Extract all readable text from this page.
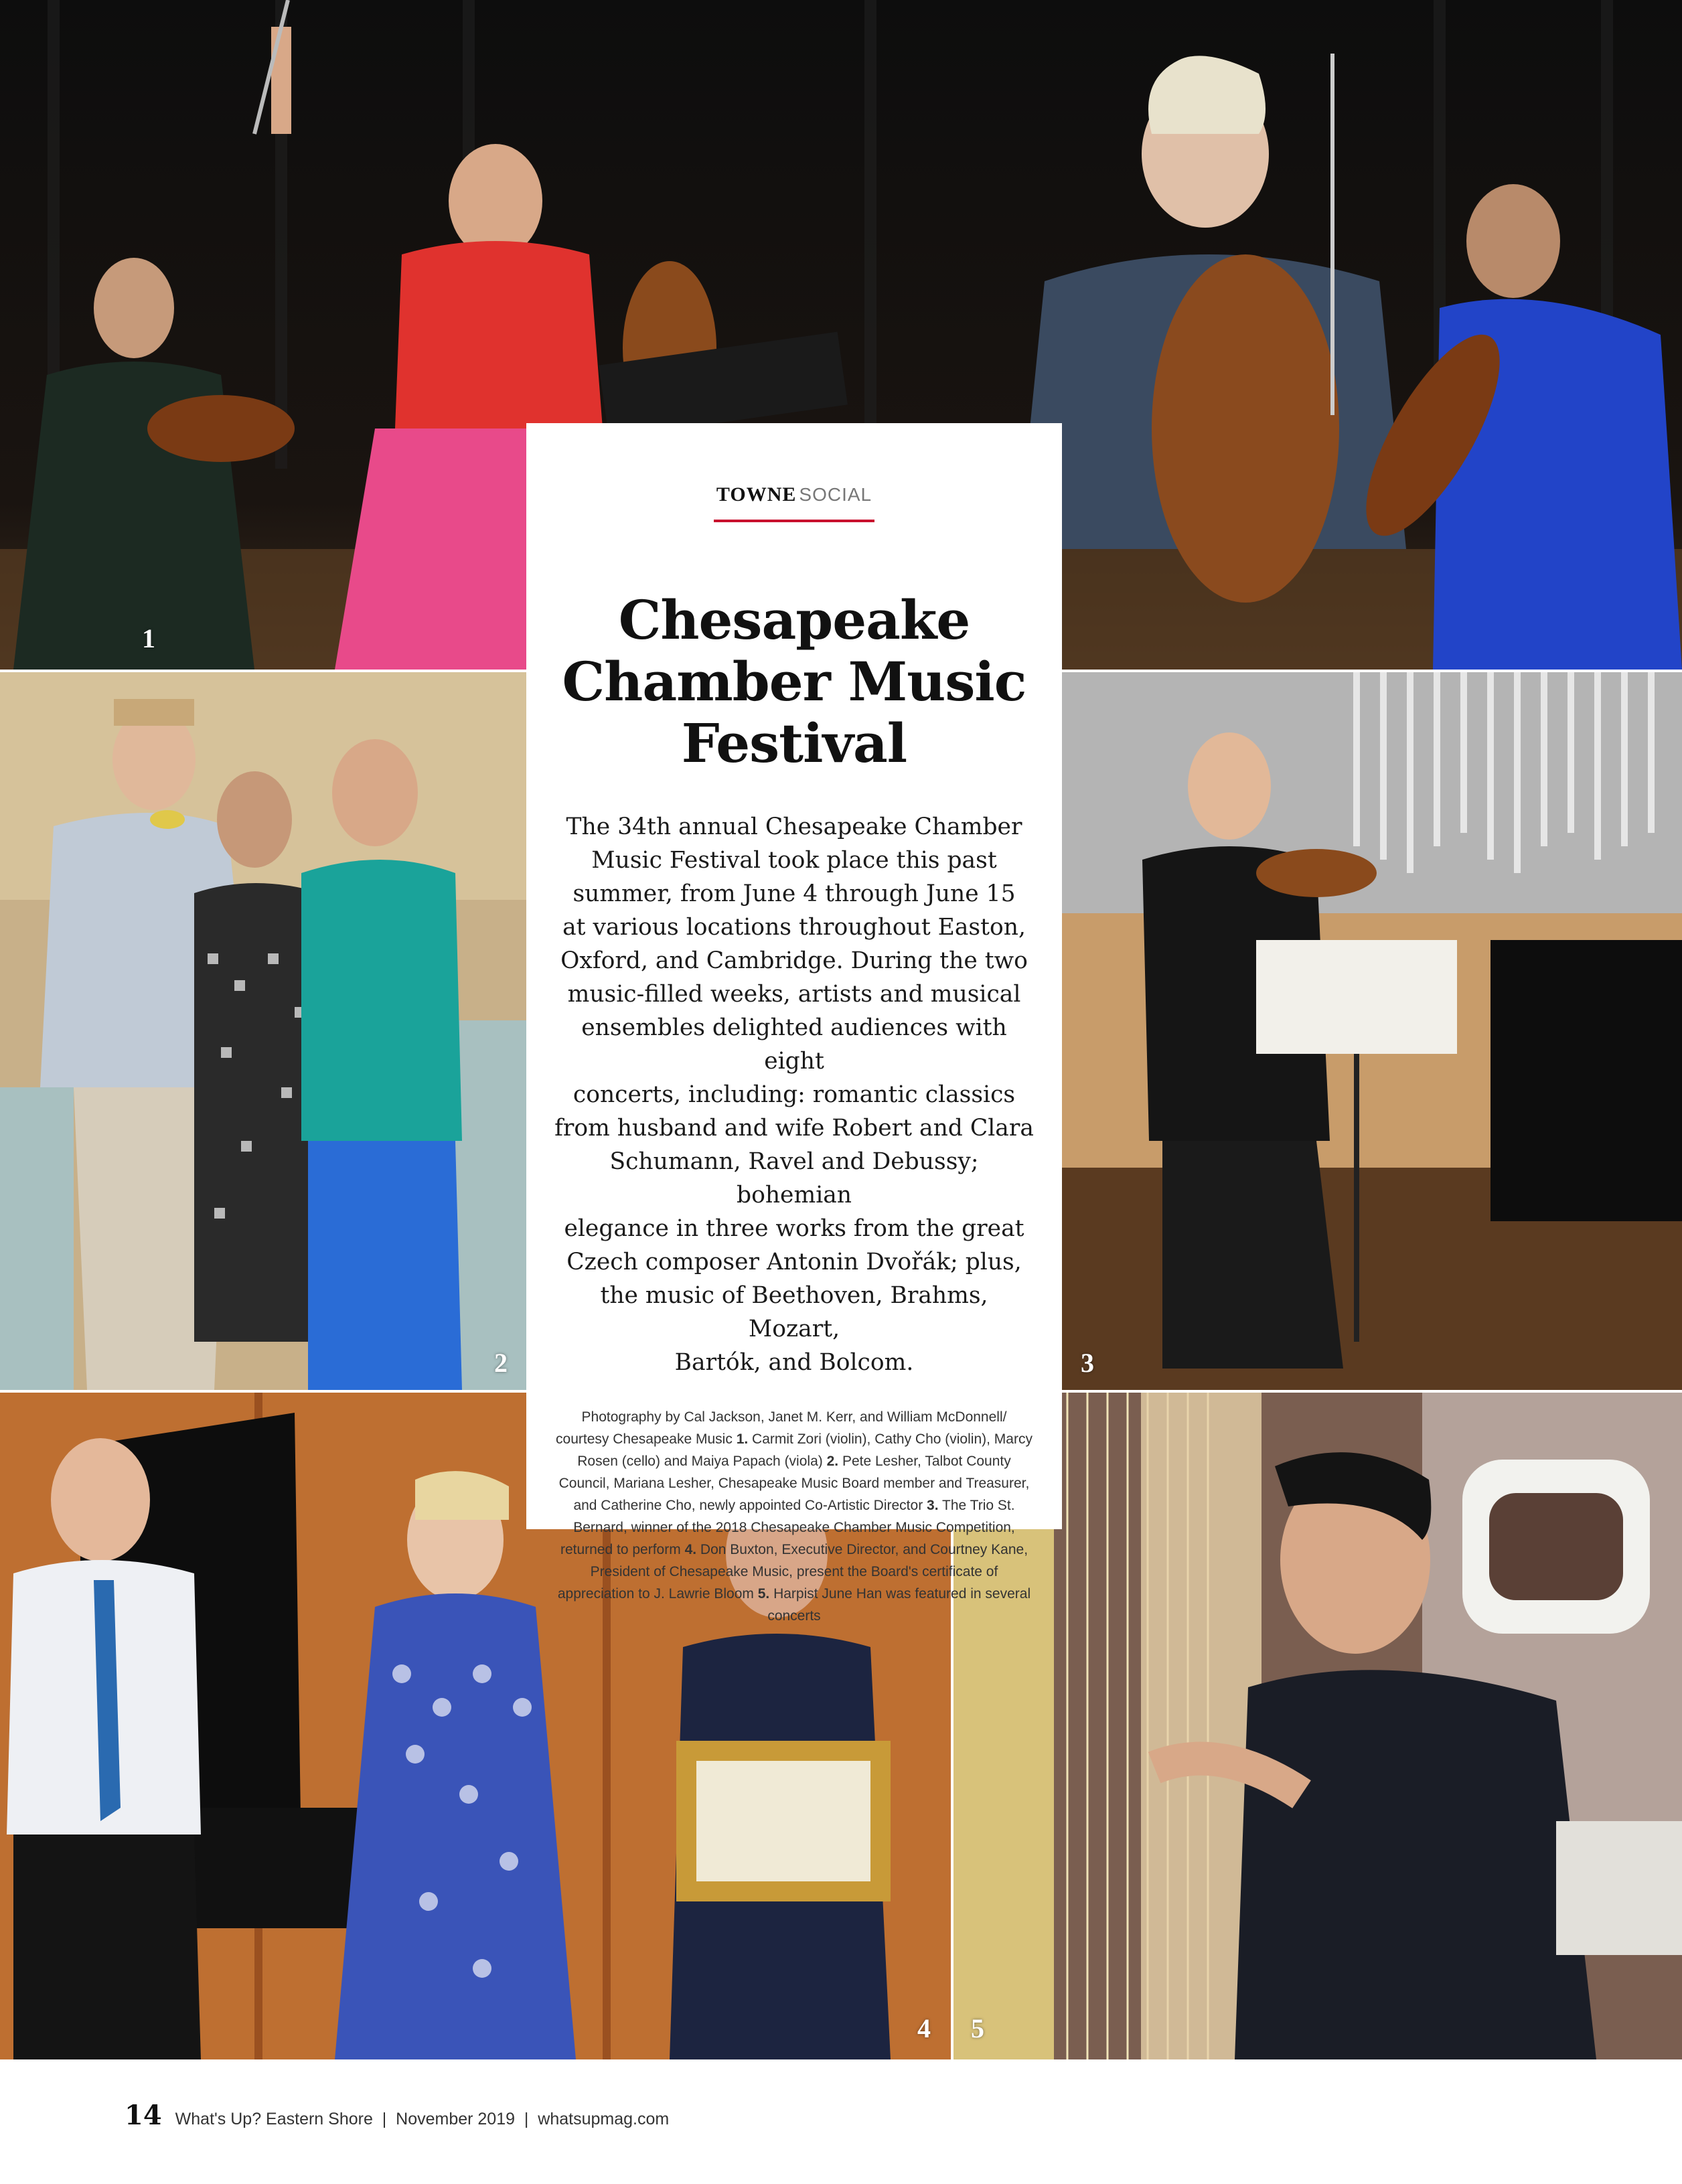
1
2	3
4 5
TOWNE SOCIAL
Chesapeake
Chamber Music
Festival
The 34th annual Chesapeake Chamber
Music Festival took place this past
summer, from June 4 through June 15
at various locations throughout Easton,
Oxford, and Cambridge. During the two
music-filled weeks, artists and musical
ensembles delighted audiences with eight
concerts, including: romantic classics
from husband and wife Robert and Clara
Schumann, Ravel and Debussy; bohemian
elegance in three works from the great
Czech composer Antonin Dvořák; plus,
the music of Beethoven, Brahms, Mozart,
Bartók, and Bolcom.

Photography by Cal Jackson, Janet M. Kerr, and William McDonnell/ courtesy Chesapeake Music 1. Carmit Zori (violin), Cathy Cho (violin), Marcy Rosen (cello) and Maiya Papach (viola) 2. Pete Lesher, Talbot County Council, Mariana Lesher, Chesapeake Music Board member and Treasurer, and Catherine Cho, newly appointed Co-Artistic Director 3. The Trio St. Bernard, winner of the 2018 Chesapeake Chamber Music Competition, returned to perform 4. Don Buxton, Executive Director, and Courtney Kane, President of Chesapeake Music, present the Board's certificate of appreciation to J. Lawrie Bloom 5. Harpist June Han was featured in several concerts

14 What's Up? Eastern Shore  |  November 2019  |  whatsupmag.com
